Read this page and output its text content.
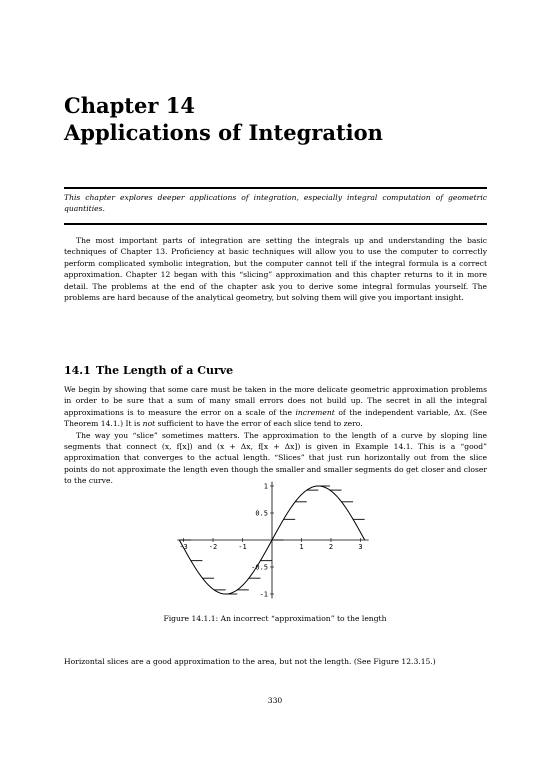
Chapter 14
Applications of Integration
This chapter explores deeper applications of integration, especially integral computation of geometric quantities.

The most important parts of integration are setting the integrals up and understanding the basic techniques of Chapter 13. Proficiency at basic techniques will allow you to use the computer to correctly perform complicated symbolic integration, but the computer cannot tell if the integral formula is a correct approximation. Chapter 12 began with this “slicing” approximation and this chapter returns to it in more detail. The problems at the end of the chapter ask you to derive some integral formulas yourself. The problems are hard because of the analytical geometry, but solving them will give you important insight.

14.1 The Length of a Curve

We begin by showing that some care must be taken in the more delicate geometric approximation problems in order to be sure that a sum of many small errors does not build up. The secret in all the integral approximations is to measure the error on a scale of the increment of the independent variable, Δx. (See Theorem 14.1.) It is not sufficient to have the error of each slice tend to zero.

The way you “slice” sometimes matters. The approximation to the length of a curve by sloping line segments that connect (x, f[x]) and (x + Δx, f[x + Δx]) is given in Example 14.1. This is a “good” approximation that converges to the actual length. “Slices” that just run horizontally out from the slice points do not approximate the length even though the smaller and smaller segments do get closer and closer to the curve.

-3	-2	-1	1	2	3
1
0.5
-0.5
-1
Figure 14.1.1: An incorrect “approximation” to the length
Horizontal slices are a good approximation to the area, but not the length. (See Figure 12.3.15.)
330
